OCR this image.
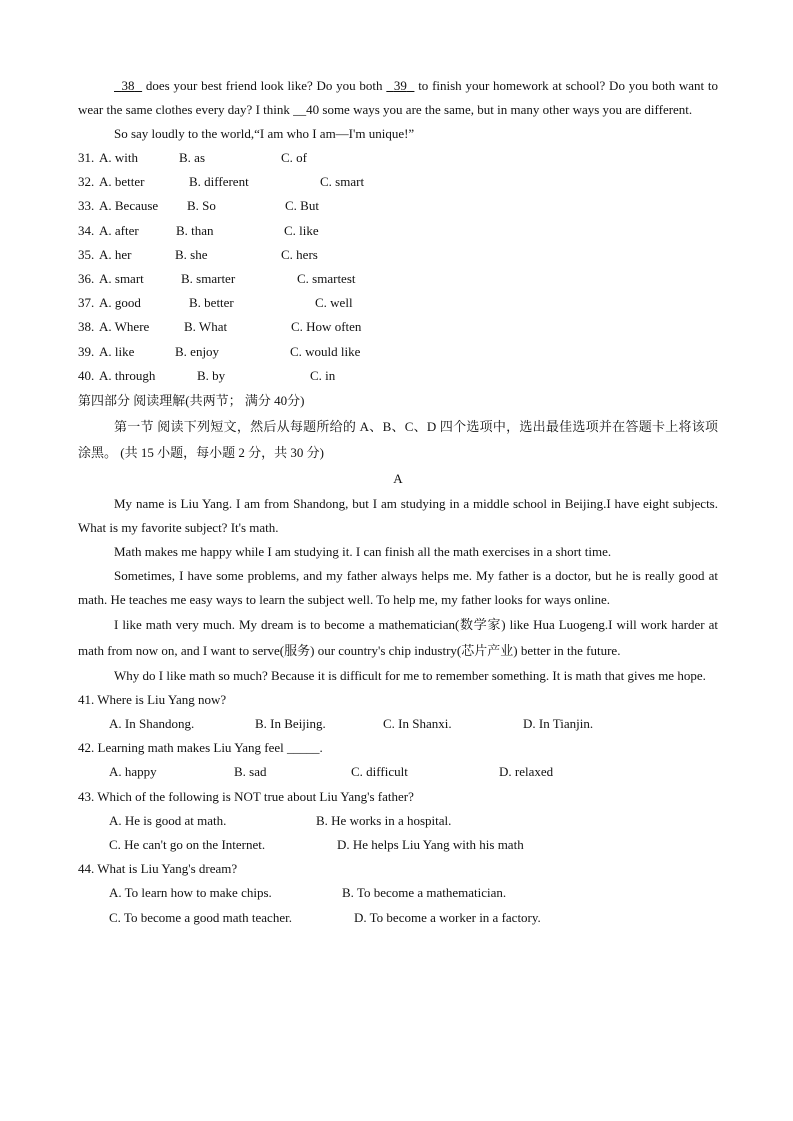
38   does your best friend look like? Do you both   39   to finish your homework at school? Do you both want to wear the same clothes every day? I think __40 some ways you are the same, but in many other ways you are different.

So say loudly to the world,“I am who I am—I'm unique!”

31. A. with	B. as	C. of
32. A. better	B. different	C. smart
33. A. Because B. So	C. But
34. A. after	B. than	C. like
35. A. her	B. she	C. hers
36. A. smart	B. smarter	C. smartest
37. A. good	B. better	C. well
38. A. Where	B. What	C. How often
39. A. like	B. enjoy	C. would like
40. A. through	B. by	C. in
第四部分 阅读理解(共两节； 满分 40分)

第一节 阅读下列短文，然后从每题所给的 A、B、C、D 四个选项中，选出最佳选项并在答题卡上将该项涂黑。 (共 15 小题，每小题 2 分，共 30 分)

A

My name is Liu Yang. I am from Shandong, but I am studying in a middle school in Beijing.I have eight subjects. What is my favorite subject? It's math.

Math makes me happy while I am studying it. I can finish all the math exercises in a short time.

Sometimes, I have some problems, and my father always helps me. My father is a doctor, but he is really good at math. He teaches me easy ways to learn the subject well. To help me, my father looks for ways online.

I like math very much. My dream is to become a mathematician(数学家) like Hua Luogeng.I will work harder at math from now on, and I want to serve(服务) our country's chip industry(芯片产业) better in the future.

Why do I like math so much? Because it is difficult for me to remember something. It is math that gives me hope.

41. Where is Liu Yang now?
A. In Shandong.	B. In Beijing.	C. In Shanxi.	D. In Tianjin.
42. Learning math makes Liu Yang feel _____.
A. happy	B. sad	C. difficult	D. relaxed
43. Which of the following is NOT true about Liu Yang's father?
A. He is good at math.	B. He works in a hospital.
C. He can't go on the Internet.	D. He helps Liu Yang with his math
44. What is Liu Yang's dream?
A. To learn how to make chips.	B. To become a mathematician.
C. To become a good math teacher.	D. To become a worker in a factory.
